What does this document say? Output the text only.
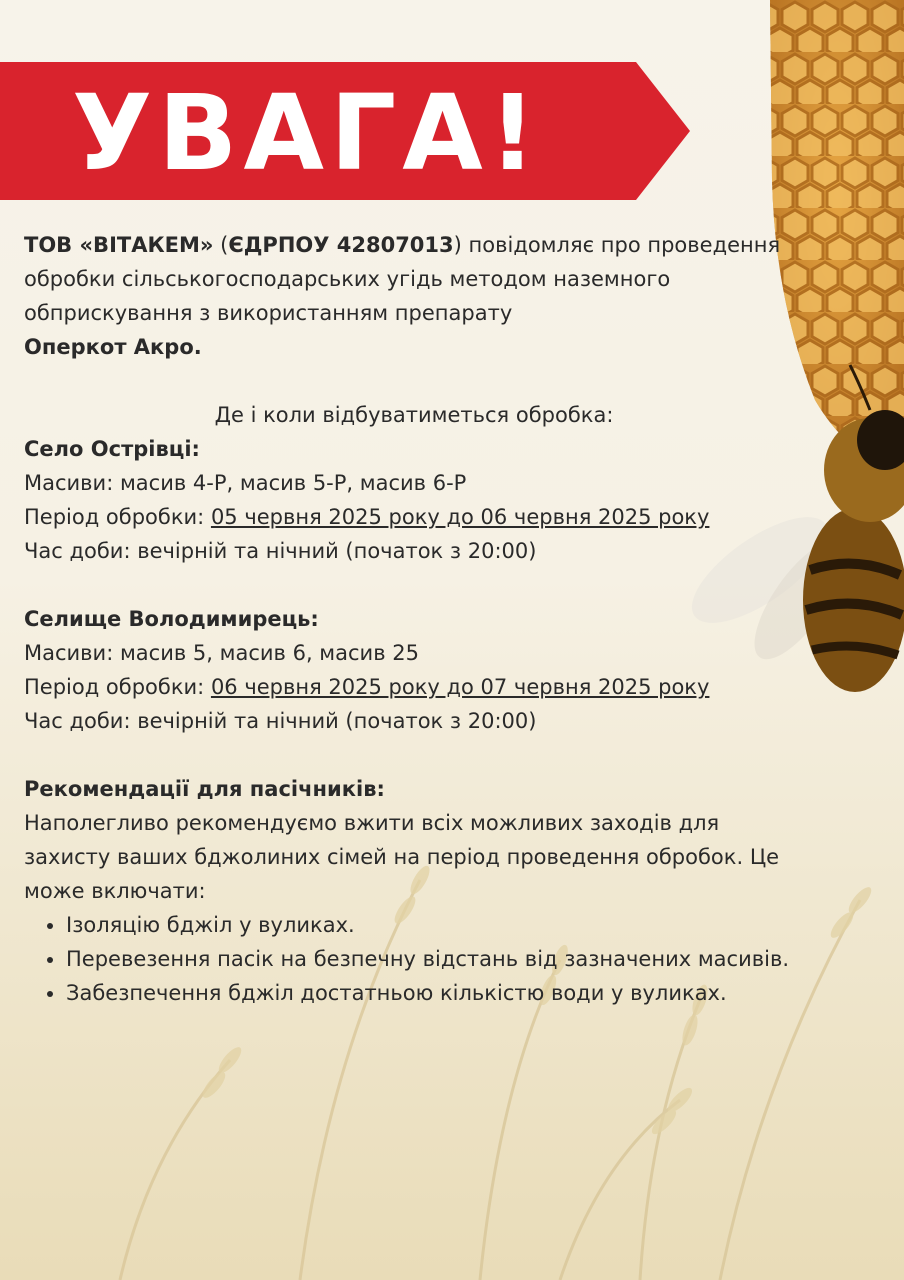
УВАГА!

ТОВ «ВІТАКЕМ» (ЄДРПОУ 42807013) повідомляє про проведення обробки сільськогосподарських угідь методом наземного обприскування з використанням препарату
Оперкот Акро.

Де і коли відбуватиметься обробка:

Село Острівці:

Масиви: масив 4-Р, масив 5-Р, масив 6-Р

Період обробки: 05 червня 2025 року до 06 червня 2025 року

Час доби: вечірній та нічний (початок з 20:00)

Селище Володимирець:

Масиви: масив 5, масив 6, масив 25

Період обробки: 06 червня 2025 року до 07 червня 2025 року

Час доби: вечірній та нічний (початок з 20:00)

Рекомендації для пасічників:

Наполегливо рекомендуємо вжити всіх можливих заходів для захисту ваших бджолиних сімей на період проведення обробок. Це може включати:

• Ізоляцію бджіл у вуликах.
• Перевезення пасік на безпечну відстань від зазначених масивів.
• Забезпечення бджіл достатньою кількістю води у вуликах.
